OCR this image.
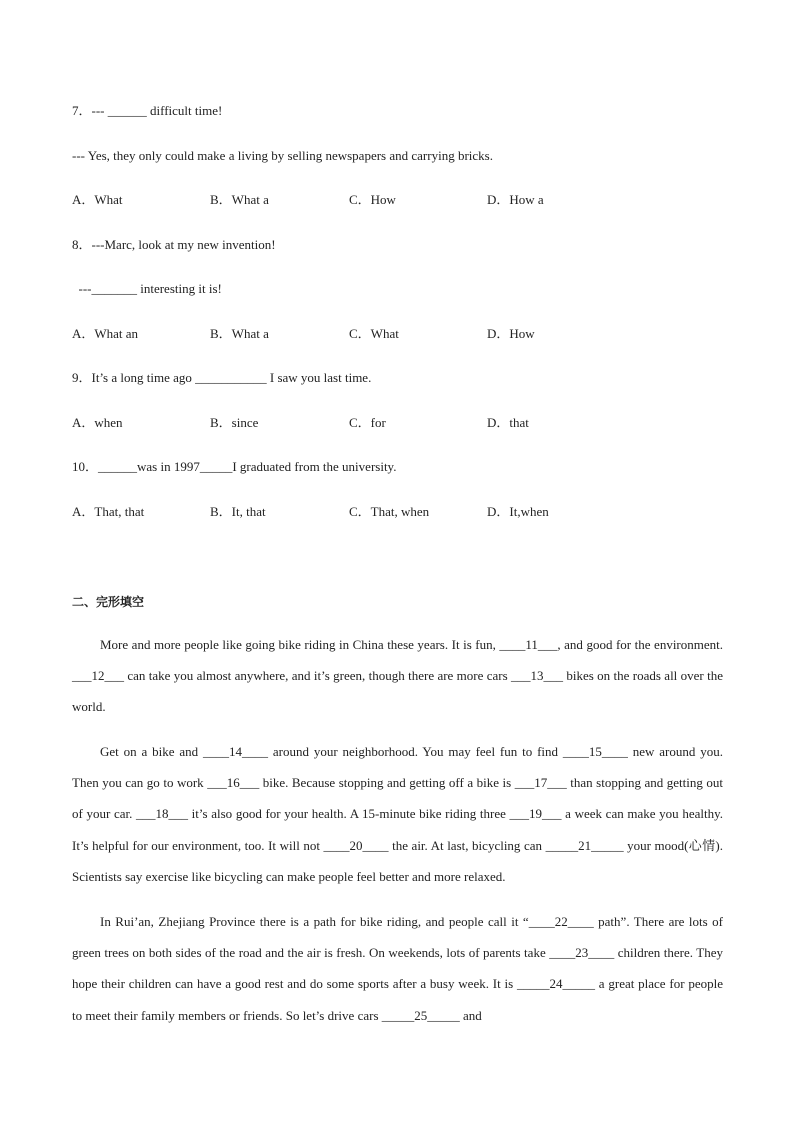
7．--- ______ difficult time!
--- Yes, they only could make a living by selling newspapers and carrying bricks.

A．What

	B．What a

	C．How

	D．How a

8．---Marc, look at my new invention!
---_______ interesting it is!

A．What an

	B．What a

	C．What

	D．How

9．It’s a long time ago ___________ I saw you last time.

A．when

	B．since

	C．for

	D．that

10．______was in 1997_____I graduated from the university.

A．That, that

	B．It, that

	C．That, when

	D．It,when

二、完形填空

More and more people like going bike riding in China these years. It is fun, ____11___, and good for the environment. ___12___ can take you almost anywhere, and it’s green, though there are more cars ___13___ bikes on the roads all over the world.

Get on a bike and ____14____ around your neighborhood. You may feel fun to find ____15____ new around you. Then you can go to work ___16___ bike. Because stopping and getting off a bike is ___17___ than stopping and getting out of your car. ___18___ it’s also good for your health. A 15-minute bike riding three ___19___ a week can make you healthy. It’s helpful for our environment, too. It will not ____20____ the air. At last, bicycling can _____21_____ your mood(心情). Scientists say exercise like bicycling can make people feel better and more relaxed.

In Rui’an, Zhejiang Province there is a path for bike riding, and people call it “____22____ path”. There are lots of green trees on both sides of the road and the air is fresh. On weekends, lots of parents take ____23____ children there. They hope their children can have a good rest and do some sports after a busy week. It is _____24_____ a great place for people to meet their family members or friends. So let’s drive cars _____25_____ and
